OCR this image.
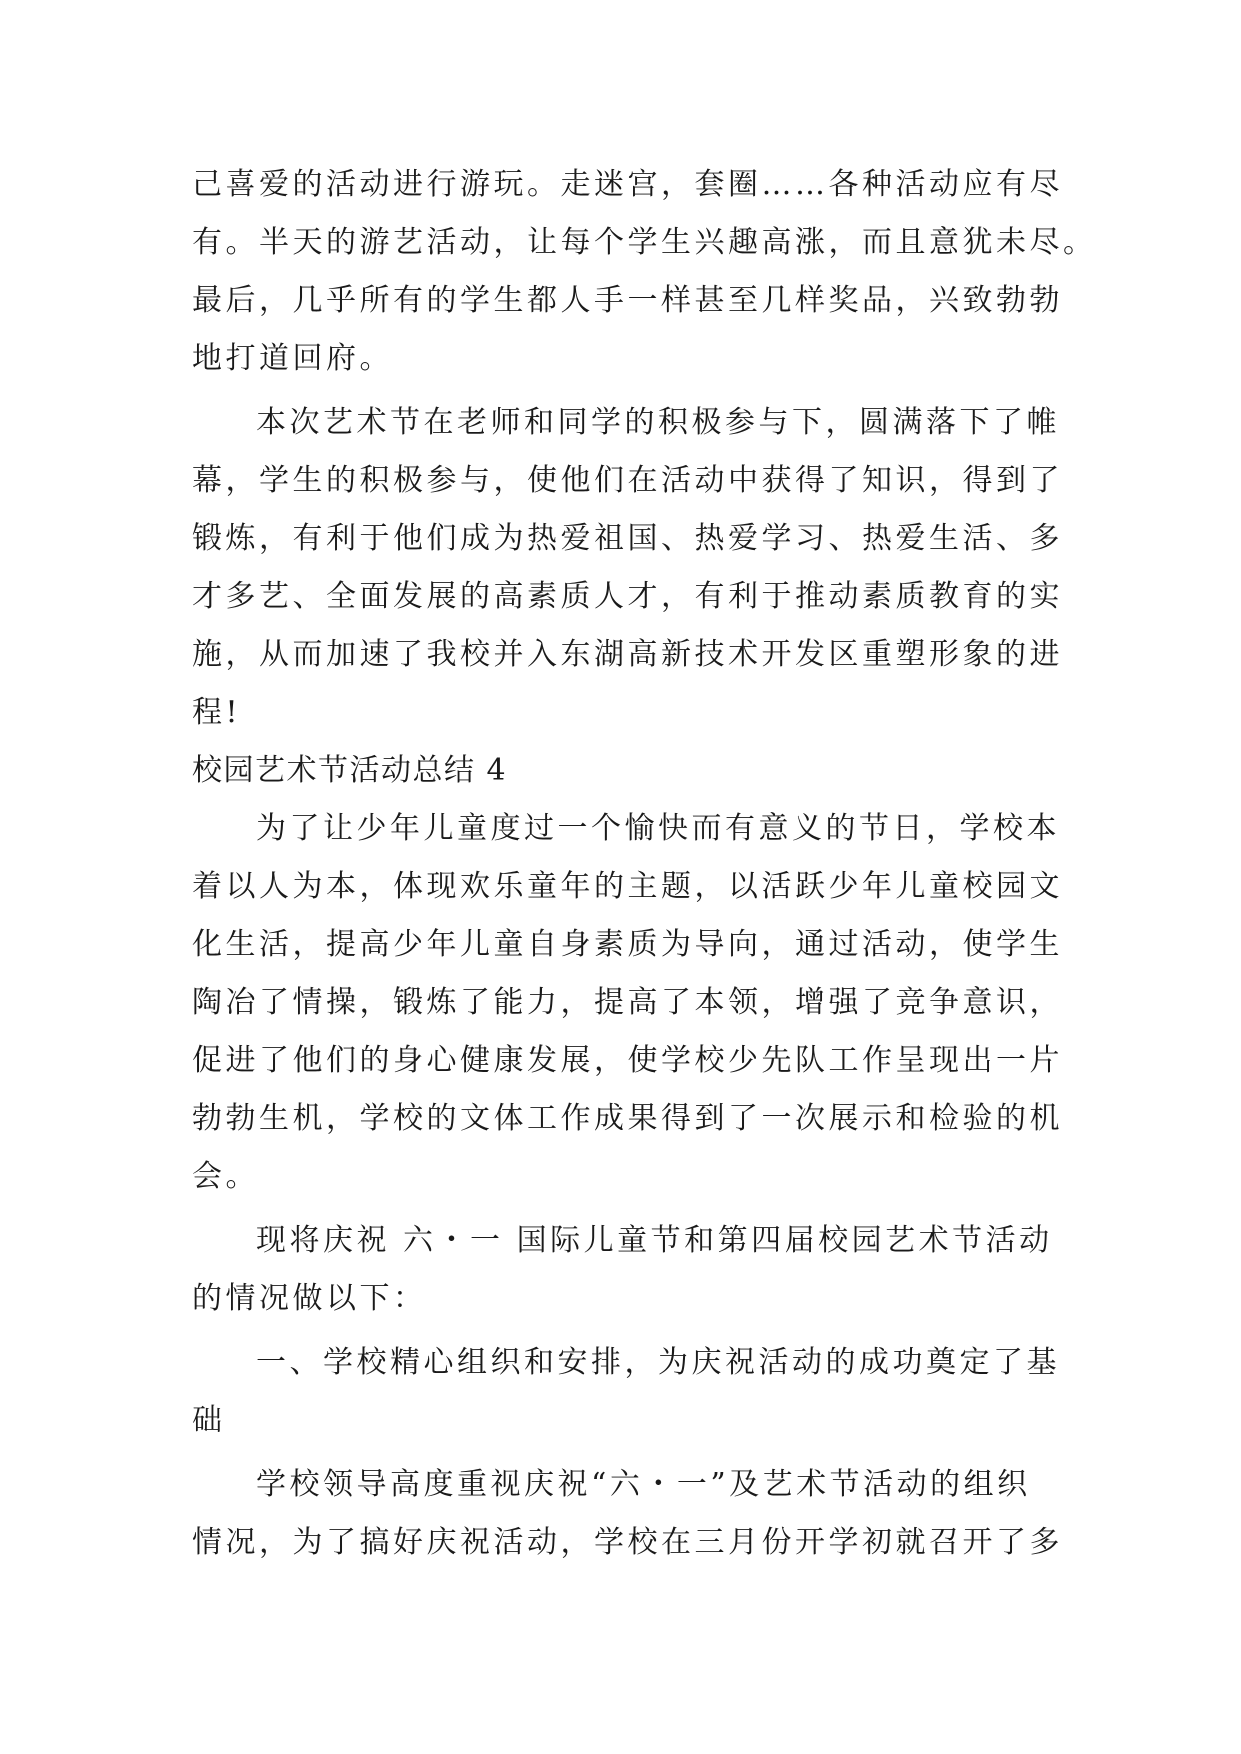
己喜爱的活动进行游玩。走迷宫，套圈……各种活动应有尽
有。半天的游艺活动，让每个学生兴趣高涨，而且意犹未尽。
最后，几乎所有的学生都人手一样甚至几样奖品，兴致勃勃
地打道回府。
本次艺术节在老师和同学的积极参与下，圆满落下了帷
幕，学生的积极参与，使他们在活动中获得了知识，得到了
锻炼，有利于他们成为热爱祖国、热爱学习、热爱生活、多
才多艺、全面发展的高素质人才，有利于推动素质教育的实
施，从而加速了我校并入东湖高新技术开发区重塑形象的进
程!
校园艺术节活动总结 4
为了让少年儿童度过一个愉快而有意义的节日，学校本
着以人为本，体现欢乐童年的主题，以活跃少年儿童校园文
化生活，提高少年儿童自身素质为导向，通过活动，使学生
陶冶了情操，锻炼了能力，提高了本领，增强了竞争意识，
促进了他们的身心健康发展，使学校少先队工作呈现出一片
勃勃生机，学校的文体工作成果得到了一次展示和检验的机
会。
现将庆祝 六・一 国际儿童节和第四届校园艺术节活动
的情况做以下：
一、学校精心组织和安排，为庆祝活动的成功奠定了基
础
学校领导高度重视庆祝“六・一”及艺术节活动的组织
情况，为了搞好庆祝活动，学校在三月份开学初就召开了多
